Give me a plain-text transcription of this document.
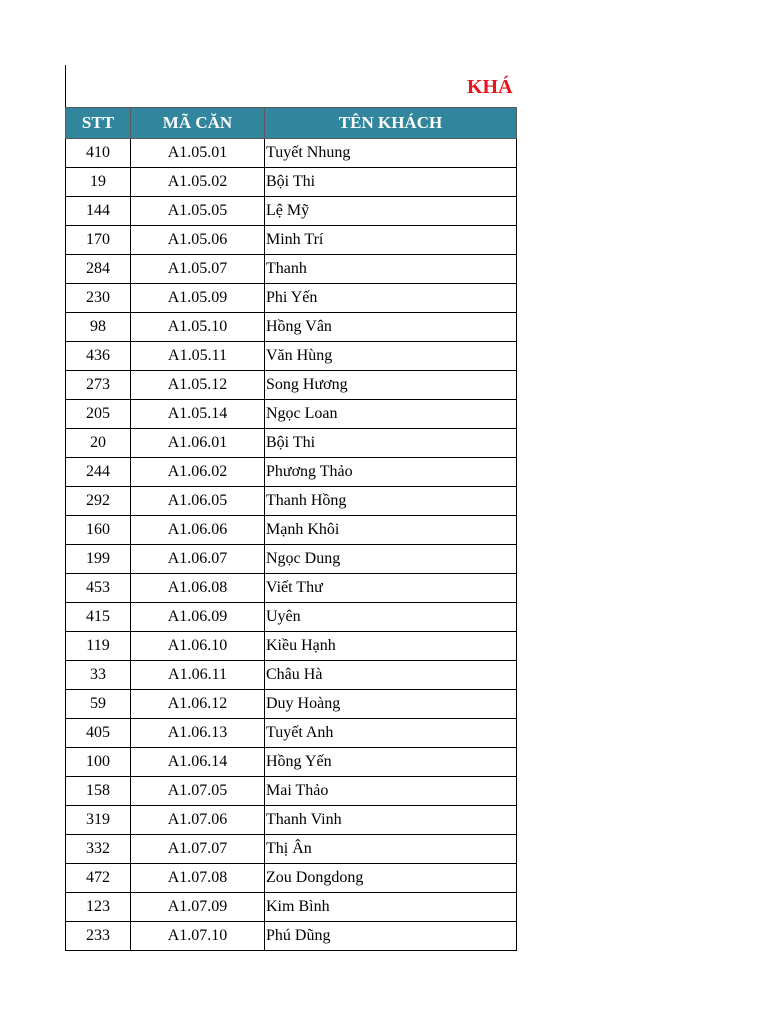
KHÁ
STT	MÃ CĂN	TÊN KHÁCH
410	A1.05.01	Tuyết Nhung
19	A1.05.02	Bội Thi
144	A1.05.05	Lệ Mỹ
170	A1.05.06	Minh Trí
284	A1.05.07	Thanh
230	A1.05.09	Phi Yến
98	A1.05.10	Hồng Vân
436	A1.05.11	Văn Hùng
273	A1.05.12	Song Hương
205	A1.05.14	Ngọc Loan
20	A1.06.01	Bội Thi
244	A1.06.02	Phương Thảo
292	A1.06.05	Thanh Hồng
160	A1.06.06	Mạnh Khôi
199	A1.06.07	Ngọc Dung
453	A1.06.08	Viết Thư
415	A1.06.09	Uyên
119	A1.06.10	Kiều Hạnh
33	A1.06.11	Châu Hà
59	A1.06.12	Duy Hoàng
405	A1.06.13	Tuyết Anh
100	A1.06.14	Hồng Yến
158	A1.07.05	Mai Thảo
319	A1.07.06	Thanh Vinh
332	A1.07.07	Thị Ân
472	A1.07.08	Zou Dongdong
123	A1.07.09	Kim Bình
233	A1.07.10	Phú Dũng
